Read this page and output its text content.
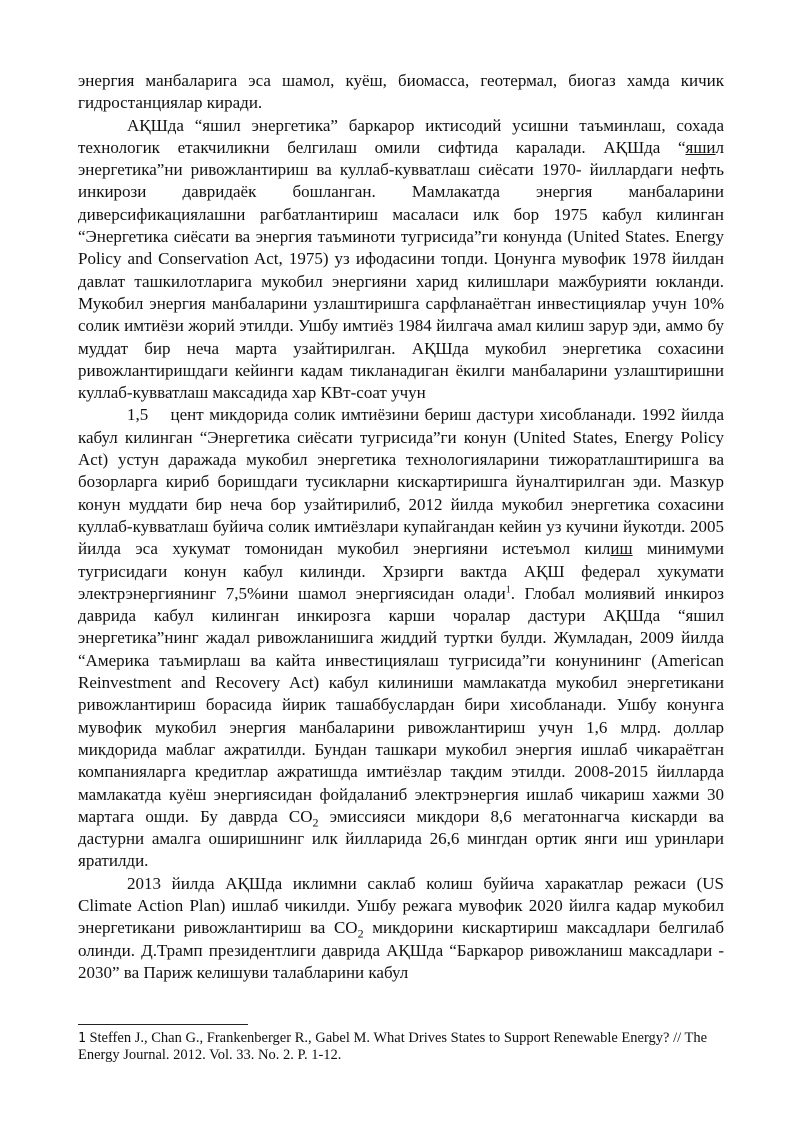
энергия манбаларига эса шамол, куёш, биомасса, геотермал, биогаз хамда кичик гидростанциялар киради.

АҚШда “яшил энергетика” баркарор иктисодий усишни таъминлаш, сохада технологик етакчиликни белгилаш омили сифтида каралади. АҚШда “яшил энергетика”ни ривожлантириш ва куллаб-кувватлаш сиёсати 1970- йиллардаги нефть инкирози давридаёк бошланган. Мамлакатда энергия манбаларини диверсификациялашни рагбатлантириш масаласи илк бор 1975 кабул килинган “Энергетика сиёсати ва энергия таъминоти тугрисида”ги конунда (United States. Energy Policy and Conservation Act, 1975) уз ифодасини топди. Цонунга мувофик 1978 йилдан давлат ташкилотларига мукобил энергияни харид килишлари мажбурияти юкланди. Мукобил энергия манбаларини узлаштиришга сарфланаётган инвестициялар учун 10% солик имтиёзи жорий этилди. Ушбу имтиёз 1984 йилгача амал килиш зарур эди, аммо бу муддат бир неча марта узайтирилган. АҚШда мукобил энергетика сохасини ривожлантиришдаги кейинги кадам тикланадиган ёкилги манбаларини узлаштиришни куллаб-кувватлаш максадида хар КВт-соат учун

1,5    цент микдорида солик имтиёзини бериш дастури хисобланади. 1992 йилда кабул килинган “Энергетика сиёсати тугрисида”ги конун (United States, Energy Policy Act) устун даражада мукобил энергетика технологияларини тижоратлаштиришга ва бозорларга кириб боришдаги тусикларни кискартиришга йуналтирилган эди. Мазкур конун муддати бир неча бор узайтирилиб, 2012 йилда мукобил энергетика сохасини куллаб-кувватлаш буйича солик имтиёзлари купайгандан кейин уз кучини йукотди. 2005 йилда эса хукумат томонидан мукобил энергияни истеъмол килиш минимуми тугрисидаги конун кабул килинди. Хрзирги вактда АҚШ федерал хукумати электрэнергиянинг 7,5%ини шамол энергиясидан олади$^1$. Глобал молиявий инкироз даврида кабул килинган инкирозга карши чоралар дастури АҚШда “яшил энергетика”нинг жадал ривожланишига жиддий туртки булди. Жумладан, 2009 йилда “Америка таъмирлаш ва кайта инвестициялаш тугрисида”ги конунининг (American Reinvestment and Recovery Act) кабул килиниши мамлакатда мукобил энергетикани ривожлантириш борасида йирик ташаббуслардан бири хисобланади. Ушбу конунга мувофик мукобил энергия манбаларини ривожлантириш учун 1,6 млрд. доллар микдорида маблаг ажратилди. Бундан ташкари мукобил энергия ишлаб чикараётган компанияларга кредитлар ажратишда имтиёзлар тақдим этилди. 2008-2015 йилларда мамлакатда куёш энергиясидан фойдаланиб электрэнергия ишлаб чикариш хажми 30 мартага ошди. Бу даврда $CO_2$ эмиссияси микдори 8,6 мегатоннагча кискарди ва дастурни амалга оширишнинг илк йилларида 26,6 мингдан ортик янги иш уринлари яратилди.

2013 йилда АҚШда иклимни саклаб колиш буйича харакатлар режаси (US Climate Action Plan) ишлаб чикилди. Ушбу режага мувофик 2020 йилга кадар мукобил энергетикани ривожлантириш ва $CO_2$ микдорини кискартириш максадлари белгилаб олинди. Д.Трамп президентлиги даврида АҚШда “Баркарор ривожланиш максадлари - 2030” ва Париж келишуви талабларини кабул

1 Steffen J., Chan G., Frankenberger R., Gabel M. What Drives States to Support Renewable Energy? // The Energy Journal. 2012. Vol. 33. No. 2. P. 1-12.
